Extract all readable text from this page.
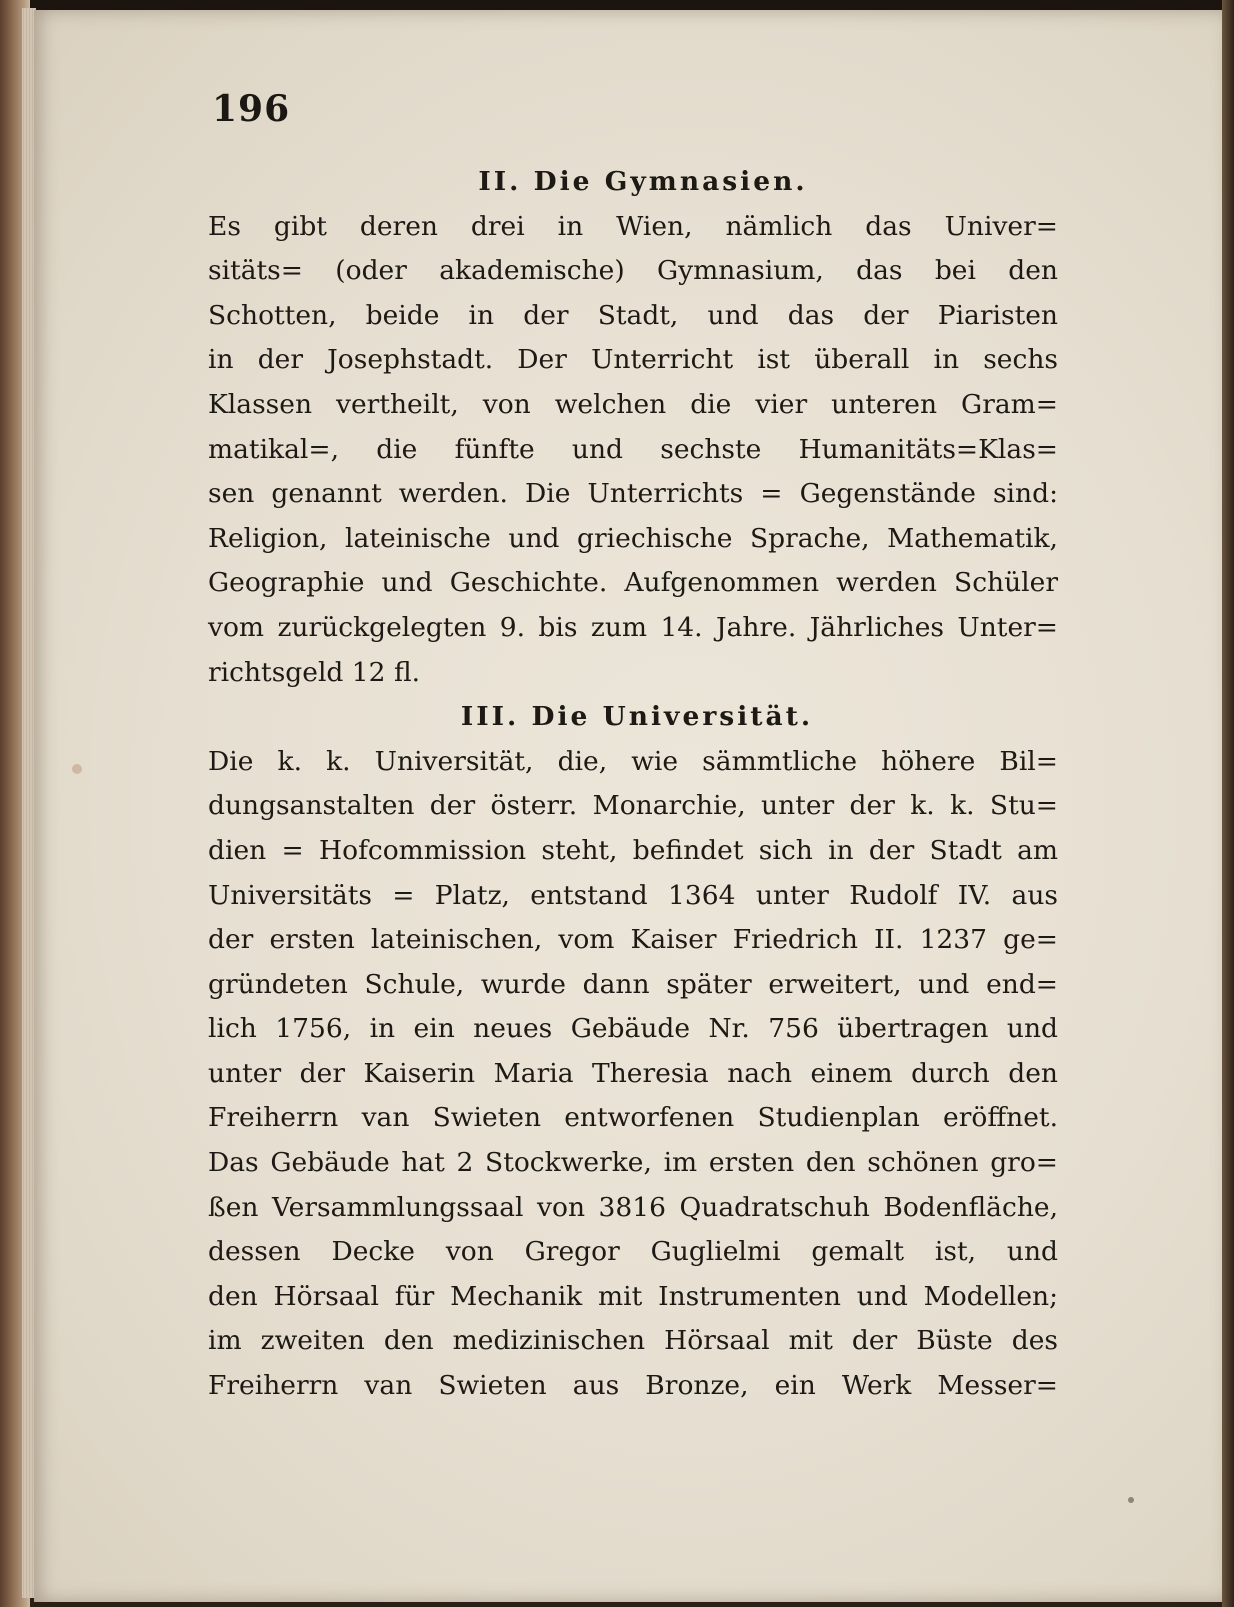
196
II. Die Gymnasien.
Es gibt deren drei in Wien, nämlich das Univer=
sitäts= (oder akademische) Gymnasium, das bei den
Schotten, beide in der Stadt, und das der Piaristen
in der Josephstadt. Der Unterricht ist überall in sechs
Klassen vertheilt, von welchen die vier unteren Gram=
matikal=, die fünfte und sechste Humanitäts=Klas=
sen genannt werden. Die Unterrichts = Gegenstände sind:
Religion, lateinische und griechische Sprache, Mathematik,
Geographie und Geschichte. Aufgenommen werden Schüler
vom zurückgelegten 9. bis zum 14. Jahre. Jährliches Unter=
richtsgeld 12 fl.
III. Die Universität.
Die k. k. Universität, die, wie sämmtliche höhere Bil=
dungsanstalten der österr. Monarchie, unter der k. k. Stu=
dien = Hofcommission steht, befindet sich in der Stadt am
Universitäts = Platz, entstand 1364 unter Rudolf IV. aus
der ersten lateinischen, vom Kaiser Friedrich II. 1237 ge=
gründeten Schule, wurde dann später erweitert, und end=
lich 1756, in ein neues Gebäude Nr. 756 übertragen und
unter der Kaiserin Maria Theresia nach einem durch den
Freiherrn van Swieten entworfenen Studienplan eröffnet.
Das Gebäude hat 2 Stockwerke, im ersten den schönen gro=
ßen Versammlungssaal von 3816 Quadratschuh Bodenfläche,
dessen Decke von Gregor Guglielmi gemalt ist, und
den Hörsaal für Mechanik mit Instrumenten und Modellen;
im zweiten den medizinischen Hörsaal mit der Büste des
Freiherrn van Swieten aus Bronze, ein Werk Messer=
